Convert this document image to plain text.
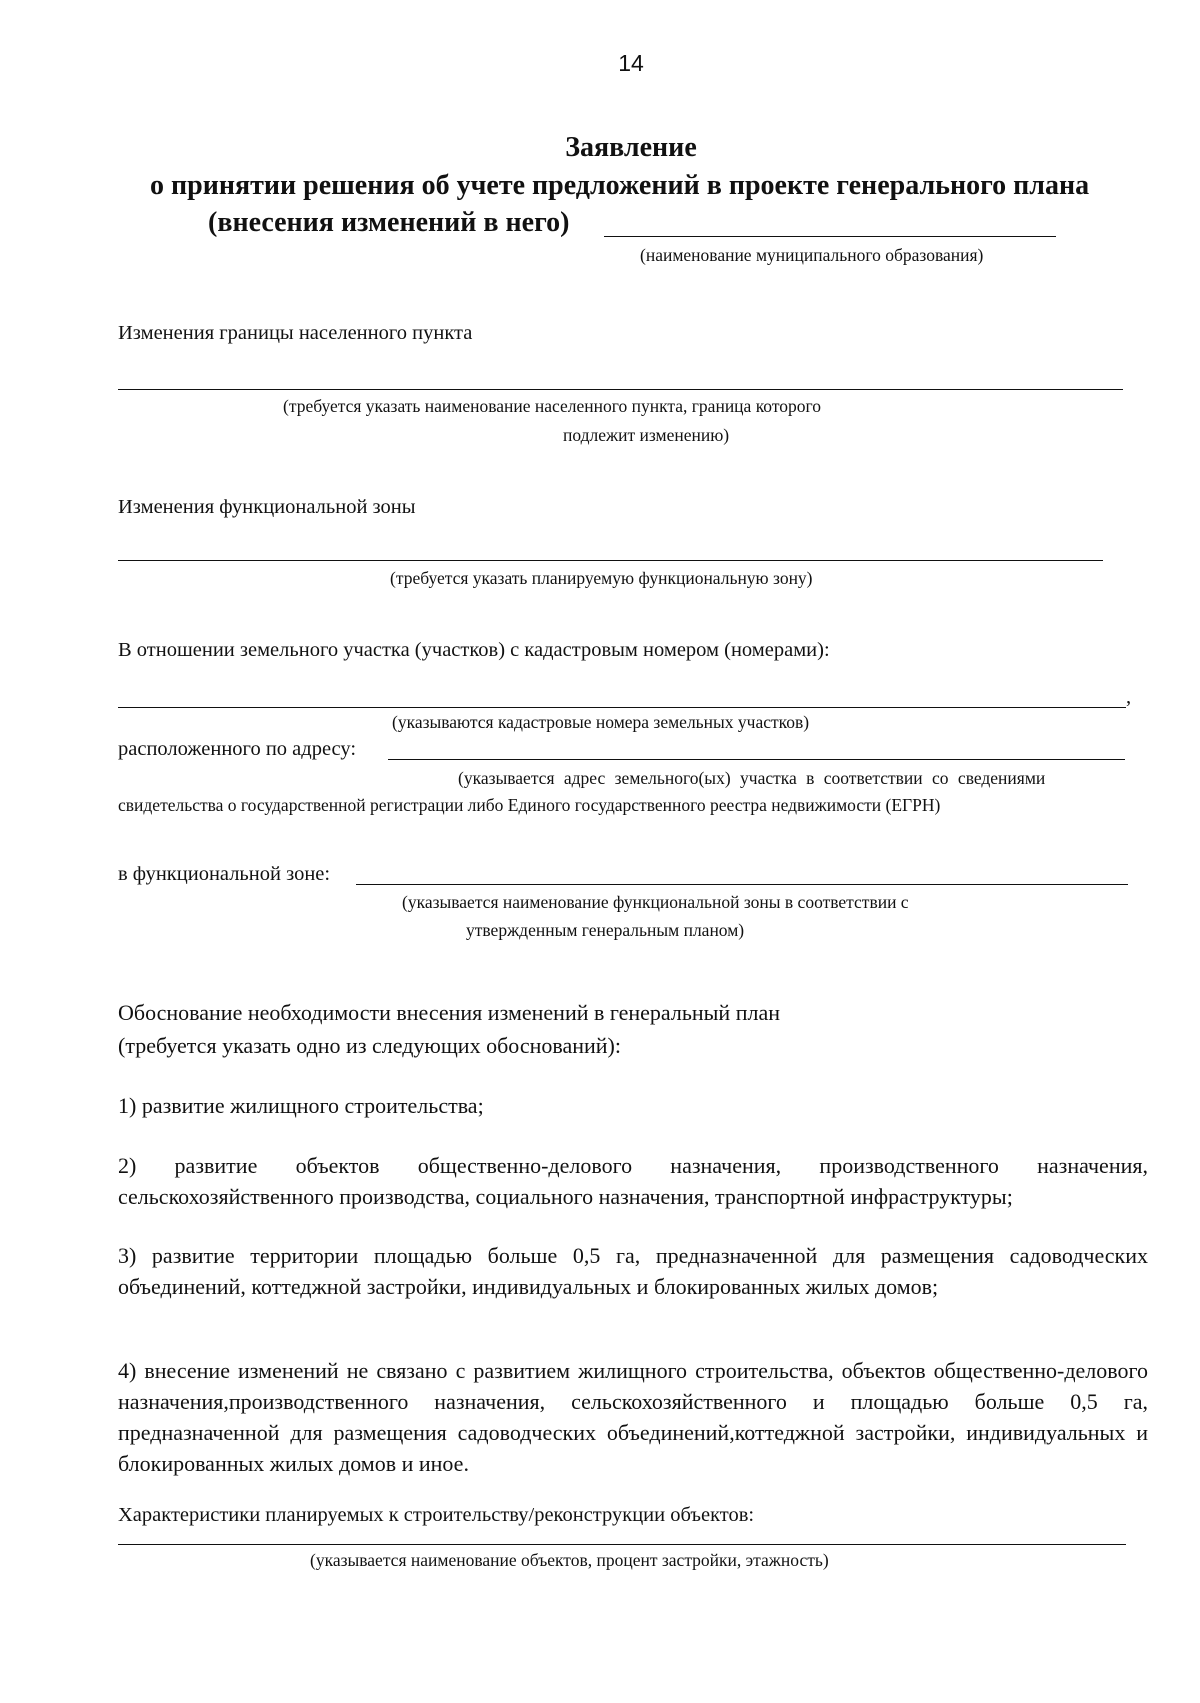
14
Заявление
о принятии решения об учете предложений в проекте генерального плана
(внесения изменений в него)
(наименование муниципального образования)
Изменения границы населенного пункта
(требуется указать наименование населенного пункта, граница которого
подлежит изменению)
Изменения функциональной зоны
(требуется указать планируемую функциональную зону)
В отношении земельного участка (участков) с кадастровым номером (номерами):
,
(указываются кадастровые номера земельных участков)
расположенного по адресу:
(указывается адрес земельного(ых) участка в соответствии со сведениями
свидетельства о государственной регистрации либо Единого государственного реестра недвижимости (ЕГРН)
в функциональной зоне:
(указывается наименование функциональной зоны в соответствии с
утвержденным генеральным планом)
Обоснование необходимости внесения изменений в генеральный план
(требуется указать одно из следующих обоснований):
1) развитие жилищного строительства;
2) развитие объектов общественно-делового назначения, производственного назначения, сельскохозяйственного производства, социального назначения, транспортной инфраструктуры;
3) развитие территории площадью больше 0,5 га, предназначенной для размещения садоводческих объединений, коттеджной застройки, индивидуальных и блокированных жилых домов;
4) внесение изменений не связано с развитием жилищного строительства, объектов общественно-делового назначения,производственного назначения, сельскохозяйственного и площадью больше 0,5 га, предназначенной для размещения садоводческих объединений,коттеджной застройки, индивидуальных и блокированных жилых домов и иное.
Характеристики планируемых к строительству/реконструкции объектов:
(указывается наименование объектов, процент застройки, этажность)
